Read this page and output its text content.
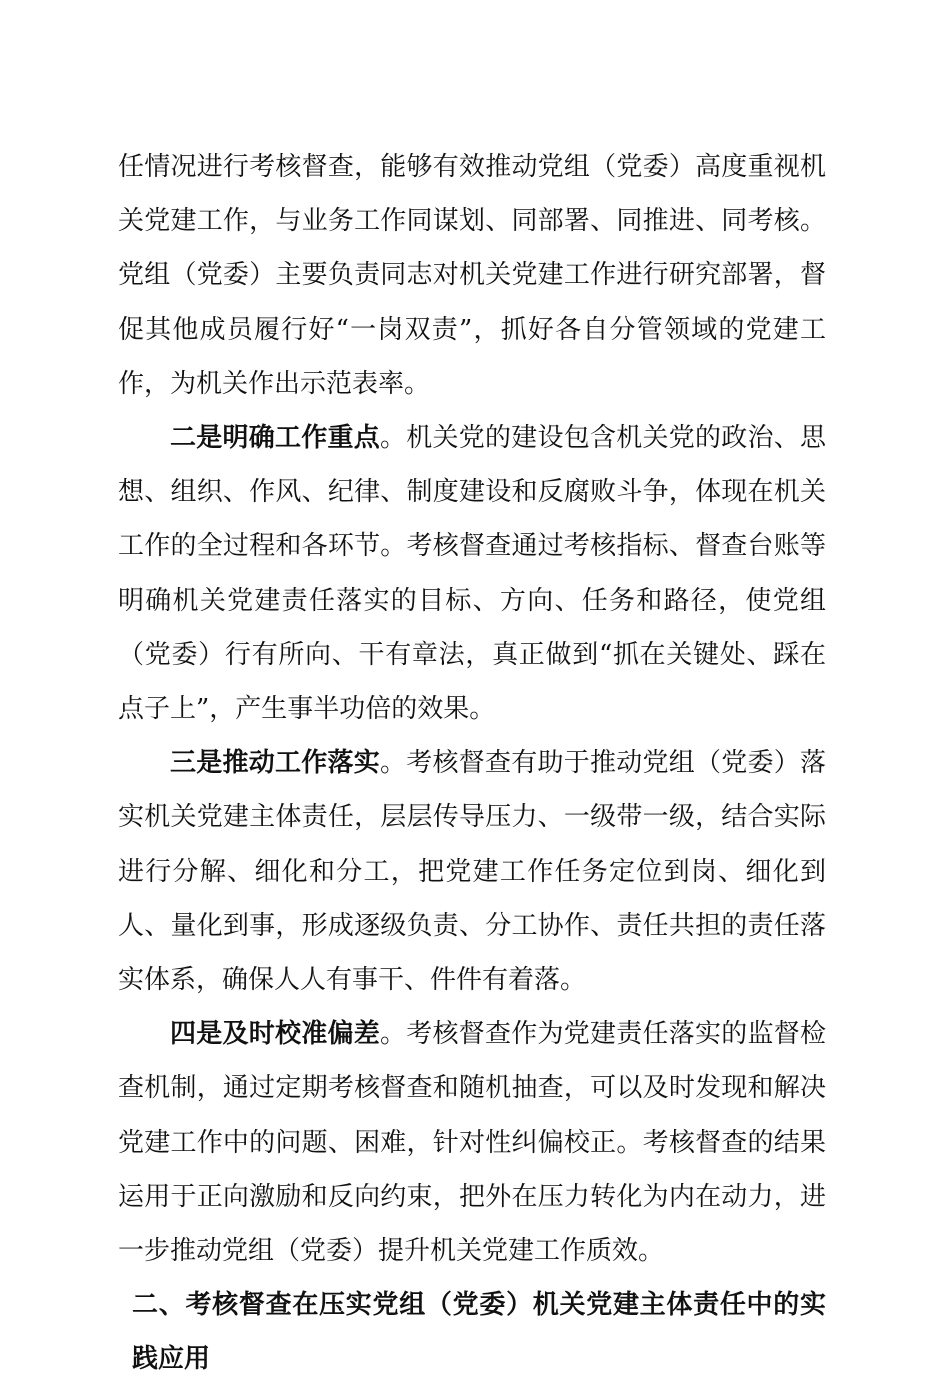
任情况进行考核督查，能够有效推动党组（党委）高度重视机关党建工作，与业务工作同谋划、同部署、同推进、同考核。党组（党委）主要负责同志对机关党建工作进行研究部署，督促其他成员履行好“一岗双责”，抓好各自分管领域的党建工作，为机关作出示范表率。

二是明确工作重点。机关党的建设包含机关党的政治、思想、组织、作风、纪律、制度建设和反腐败斗争，体现在机关工作的全过程和各环节。考核督查通过考核指标、督查台账等明确机关党建责任落实的目标、方向、任务和路径，使党组（党委）行有所向、干有章法，真正做到“抓在关键处、踩在点子上”，产生事半功倍的效果。

三是推动工作落实。考核督查有助于推动党组（党委）落实机关党建主体责任，层层传导压力、一级带一级，结合实际进行分解、细化和分工，把党建工作任务定位到岗、细化到人、量化到事，形成逐级负责、分工协作、责任共担的责任落实体系，确保人人有事干、件件有着落。

四是及时校准偏差。考核督查作为党建责任落实的监督检查机制，通过定期考核督查和随机抽查，可以及时发现和解决党建工作中的问题、困难，针对性纠偏校正。考核督查的结果运用于正向激励和反向约束，把外在压力转化为内在动力，进一步推动党组（党委）提升机关党建工作质效。

二、考核督查在压实党组（党委）机关党建主体责任中的实践应用
